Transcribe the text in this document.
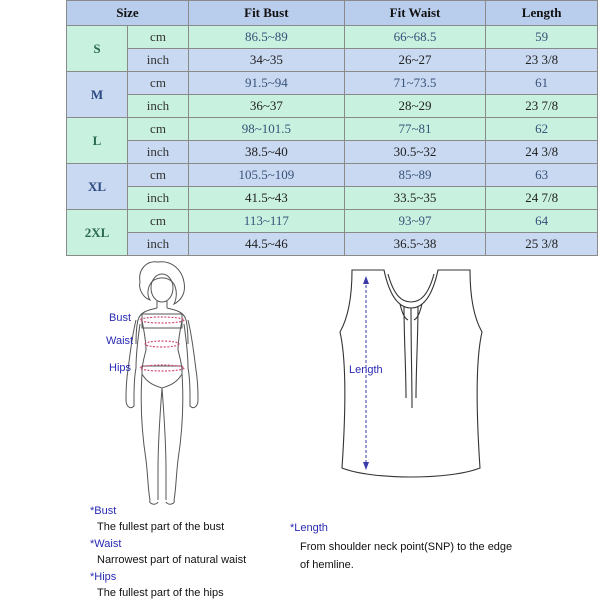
Size		Fit Bust	Fit Waist	Length
S	cm	86.5~89	66~68.5	59
	inch	34~35	26~27	23 3/8
M	cm	91.5~94	71~73.5	61
	inch	36~37	28~29	23 7/8
L	cm	98~101.5	77~81	62
	inch	38.5~40	30.5~32	24 3/8
XL	cm	105.5~109	85~89	63
	inch	41.5~43	33.5~35	24 7/8
2XL	cm	113~117	93~97	64
	inch	44.5~46	36.5~38	25 3/8
Bust
Waist
Hips	Length
*Bust
The fullest part of the bust
*Waist
Narrowest part of natural waist
*Hips
The fullest part of the hips
*Length
From shoulder neck point(SNP) to the edge
of hemline.
